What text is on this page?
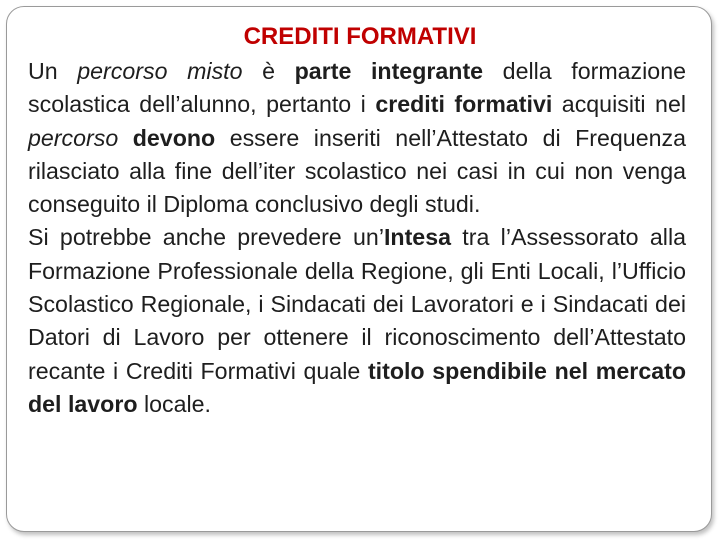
CREDITI FORMATIVI

Un percorso misto è parte integrante della formazione scolastica dell’alunno, pertanto i crediti formativi acquisiti nel percorso devono essere inseriti nell’Attestato di Frequenza rilasciato alla fine dell’iter scolastico nei casi in cui non venga conseguito il Diploma conclusivo degli studi.

Si potrebbe anche prevedere un’Intesa tra l’Assessorato alla Formazione Professionale della Regione, gli Enti Locali, l’Ufficio Scolastico Regionale, i Sindacati dei Lavoratori e i Sindacati dei Datori di Lavoro per ottenere il riconoscimento dell’Attestato recante i Crediti Formativi quale titolo spendibile nel mercato del lavoro locale.
